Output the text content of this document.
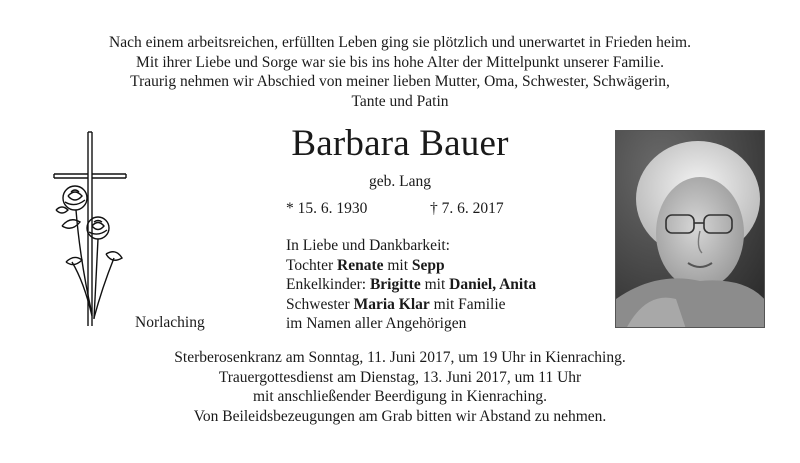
Nach einem arbeitsreichen, erfüllten Leben ging sie plötzlich und unerwartet in Frieden heim.
Mit ihrer Liebe und Sorge war sie bis ins hohe Alter der Mittelpunkt unserer Familie.
Traurig nehmen wir Abschied von meiner lieben Mutter, Oma, Schwester, Schwägerin,
Tante und Patin
Barbara Bauer
geb. Lang
* 15. 6. 1930	† 7. 6. 2017
In Liebe und Dankbarkeit:
Tochter Renate mit Sepp
Enkelkinder: Brigitte mit Daniel, Anita
Schwester Maria Klar mit Familie
im Namen aller Angehörigen
Norlaching
Sterberosenkranz am Sonntag, 11. Juni 2017, um 19 Uhr in Kienraching.
Trauergottesdienst am Dienstag, 13. Juni 2017, um 11 Uhr
mit anschließender Beerdigung in Kienraching.
Von Beileidsbezeugungen am Grab bitten wir Abstand zu nehmen.
